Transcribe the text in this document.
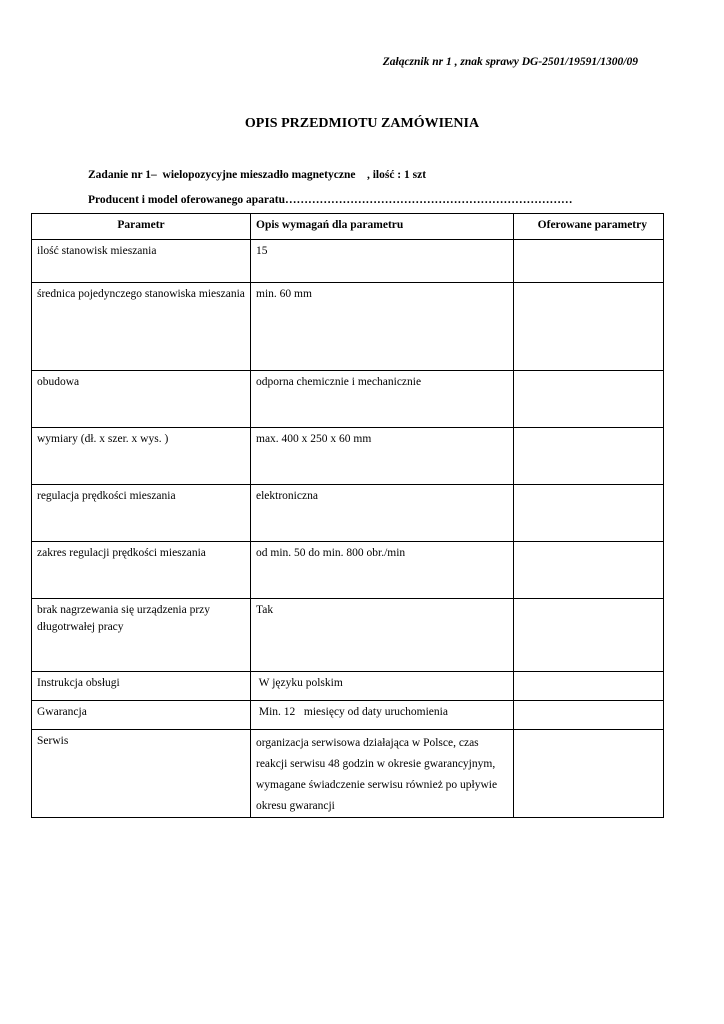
Załącznik nr 1 , znak sprawy DG-2501/19591/1300/09
OPIS PRZEDMIOTU ZAMÓWIENIA
Zadanie nr 1–  wielopozycyjne mieszadło magnetyczne    , ilość : 1 szt
Producent i model oferowanego aparatu…………………………………………………………………
Parametr	Opis wymagań dla parametru	Oferowane parametry
ilość stanowisk mieszania	15	
średnica pojedynczego stanowiska mieszania	min. 60 mm	
obudowa	odporna chemicznie i mechanicznie	
wymiary (dł. x szer. x wys. )	max. 400 x 250 x 60 mm	
regulacja prędkości mieszania	elektroniczna	
zakres regulacji prędkości mieszania	od min. 50 do min. 800 obr./min	
brak nagrzewania się urządzenia przy długotrwałej pracy	Tak	
Instrukcja obsługi	W języku polskim	
Gwarancja	Min. 12   miesięcy od daty uruchomienia	
Serwis	organizacja serwisowa działająca w Polsce, czas reakcji serwisu 48 godzin w okresie gwarancyjnym, wymagane świadczenie serwisu również po upływie okresu gwarancji	
